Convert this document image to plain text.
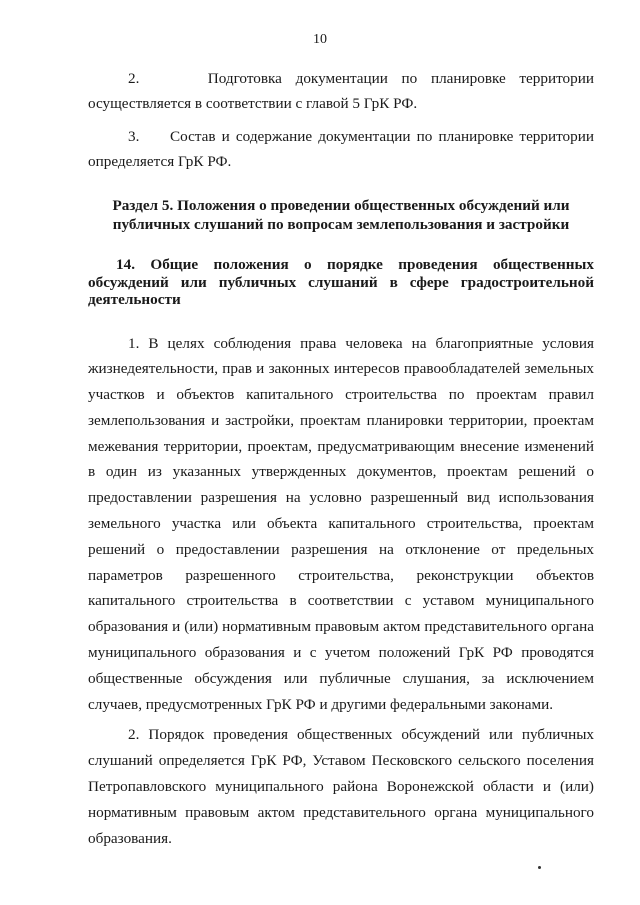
10

2.     Подготовка документации по планировке территории осуществляется в соответствии с главой 5 ГрК РФ.

3.     Состав и содержание документации по планировке территории определяется ГрК РФ.

Раздел 5. Положения о проведении общественных обсуждений или публичных слушаний по вопросам землепользования и застройки

14. Общие положения о порядке проведения общественных обсуждений или публичных слушаний в сфере градостроительной деятельности

1. В целях соблюдения права человека на благоприятные условия жизнедеятельности, прав и законных интересов правообладателей земельных участков и объектов капитального строительства по проектам правил землепользования и застройки, проектам планировки территории, проектам межевания территории, проектам, предусматривающим внесение изменений в один из указанных утвержденных документов, проектам решений о предоставлении разрешения на условно разрешенный вид использования земельного участка или объекта капитального строительства, проектам решений о предоставлении разрешения на отклонение от предельных параметров разрешенного строительства, реконструкции объектов капитального строительства в соответствии с уставом муниципального образования и (или) нормативным правовым актом представительного органа муниципального образования и с учетом положений ГрК РФ проводятся общественные обсуждения или публичные слушания, за исключением случаев, предусмотренных ГрК РФ и другими федеральными законами.

2. Порядок проведения общественных обсуждений или публичных слушаний определяется ГрК РФ, Уставом Песковского сельского поселения Петропавловского муниципального района Воронежской области и (или) нормативным правовым актом представительного органа муниципального образования.
